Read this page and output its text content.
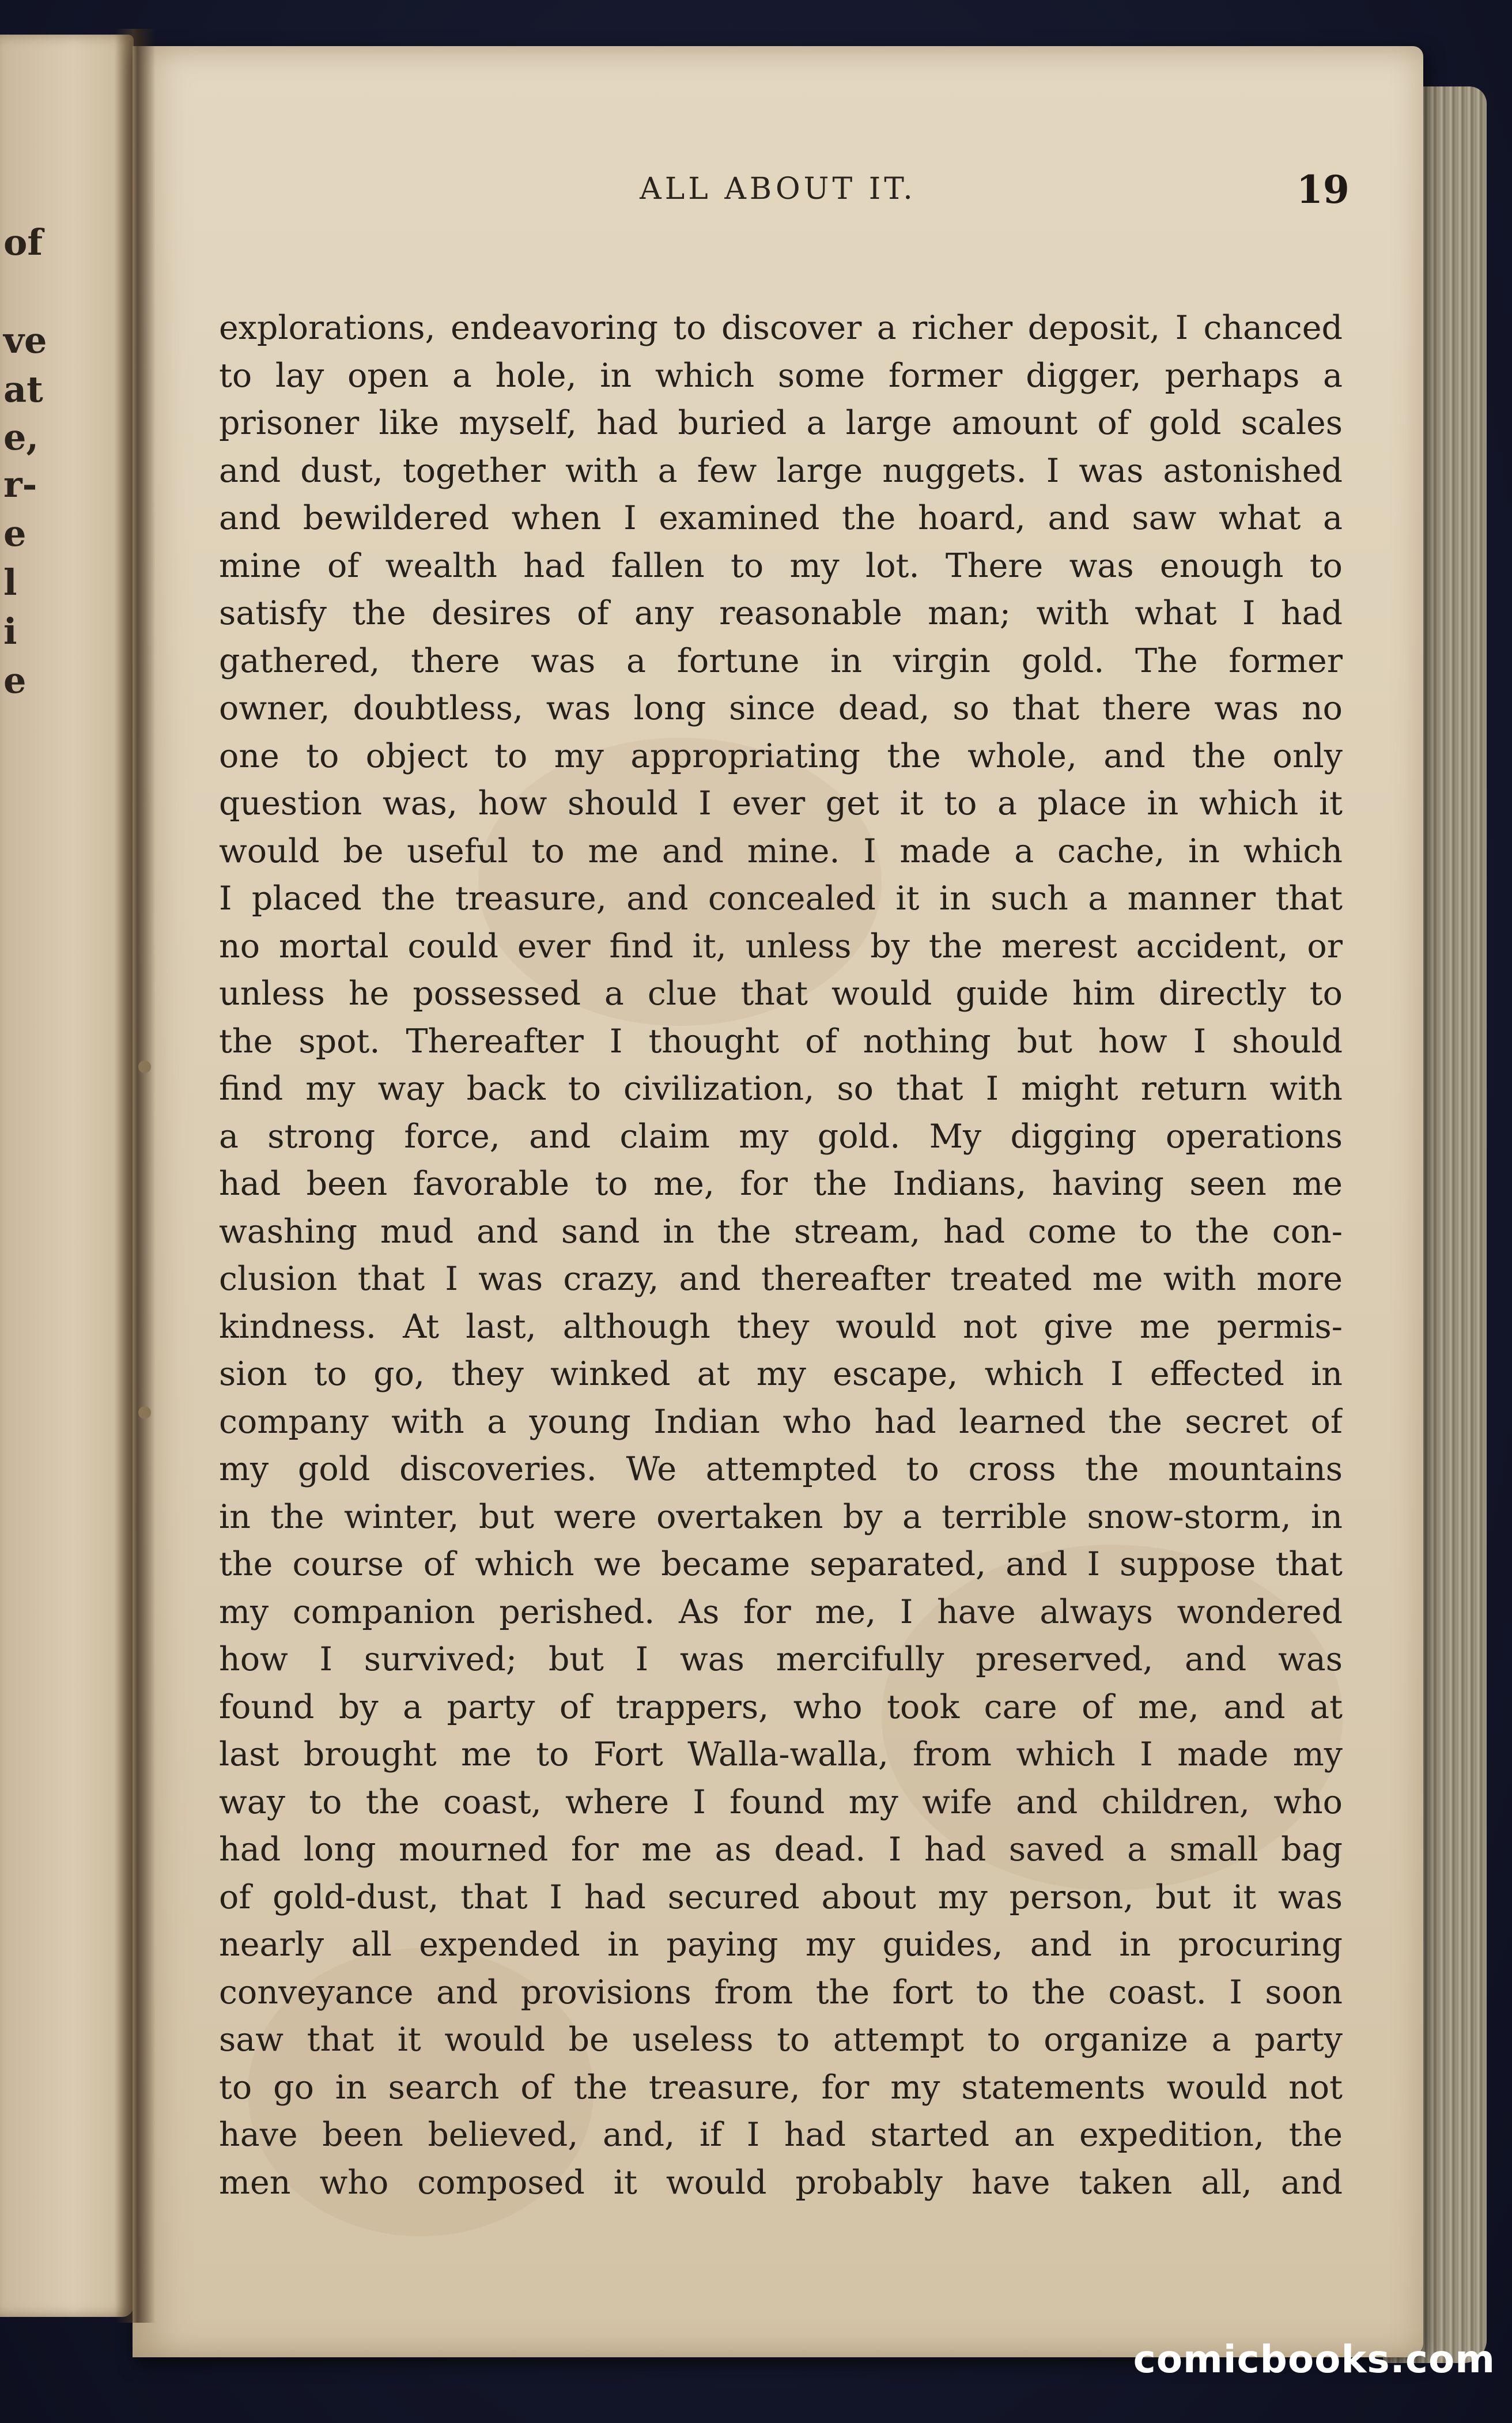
of
ve
at
e,
r-
e
l
i
e
ALL ABOUT IT.	19
explorations, endeavoring to discover a richer deposit, I chanced
to lay open a hole, in which some former digger, perhaps a
prisoner like myself, had buried a large amount of gold scales
and dust, together with a few large nuggets. I was astonished
and bewildered when I examined the hoard, and saw what a
mine of wealth had fallen to my lot. There was enough to
satisfy the desires of any reasonable man; with what I had
gathered, there was a fortune in virgin gold. The former
owner, doubtless, was long since dead, so that there was no
one to object to my appropriating the whole, and the only
question was, how should I ever get it to a place in which it
would be useful to me and mine. I made a cache, in which
I placed the treasure, and concealed it in such a manner that
no mortal could ever find it, unless by the merest accident, or
unless he possessed a clue that would guide him directly to
the spot. Thereafter I thought of nothing but how I should
find my way back to civilization, so that I might return with
a strong force, and claim my gold. My digging operations
had been favorable to me, for the Indians, having seen me
washing mud and sand in the stream, had come to the con-
clusion that I was crazy, and thereafter treated me with more
kindness. At last, although they would not give me permis-
sion to go, they winked at my escape, which I effected in
company with a young Indian who had learned the secret of
my gold discoveries. We attempted to cross the mountains
in the winter, but were overtaken by a terrible snow-storm, in
the course of which we became separated, and I suppose that
my companion perished. As for me, I have always wondered
how I survived; but I was mercifully preserved, and was
found by a party of trappers, who took care of me, and at
last brought me to Fort Walla-walla, from which I made my
way to the coast, where I found my wife and children, who
had long mourned for me as dead. I had saved a small bag
of gold-dust, that I had secured about my person, but it was
nearly all expended in paying my guides, and in procuring
conveyance and provisions from the fort to the coast. I soon
saw that it would be useless to attempt to organize a party
to go in search of the treasure, for my statements would not
have been believed, and, if I had started an expedition, the
men who composed it would probably have taken all, and
comicbooks.com
